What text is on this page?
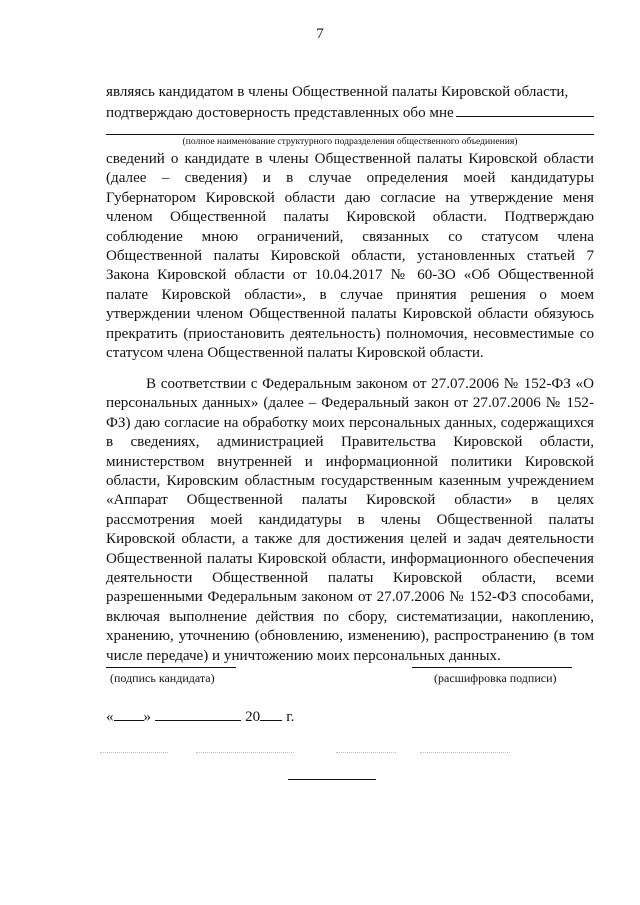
7
являясь кандидатом в члены Общественной палаты Кировской области,
подтверждаю достоверность представленных обо мне
(полное наименование структурного подразделения общественного объединения)
сведений о кандидате в члены Общественной палаты Кировской области (далее – сведения) и в случае определения моей кандидатуры Губернатором Кировской области даю согласие на утверждение меня членом Общественной палаты Кировской области. Подтверждаю соблюдение мною ограничений, связанных со статусом члена Общественной палаты Кировской области, установленных статьей 7 Закона Кировской области от 10.04.2017 № 60-ЗО «Об Общественной палате Кировской области», в случае принятия решения о моем утверждении членом Общественной палаты Кировской области обязуюсь прекратить (приостановить деятельность) полномочия, несовместимые со статусом члена Общественной палаты Кировской области.
В соответствии с Федеральным законом от 27.07.2006 № 152-ФЗ «О персональных данных» (далее – Федеральный закон от 27.07.2006 № 152-ФЗ) даю согласие на обработку моих персональных данных, содержащихся в сведениях, администрацией Правительства Кировской области, министерством внутренней и информационной политики Кировской области, Кировским областным государственным казенным учреждением «Аппарат Общественной палаты Кировской области» в целях рассмотрения моей кандидатуры в члены Общественной палаты Кировской области, а также для достижения целей и задач деятельности Общественной палаты Кировской области, информационного обеспечения деятельности Общественной палаты Кировской области, всеми разрешенными Федеральным законом от 27.07.2006 № 152-ФЗ способами, включая выполнение действия по сбору, систематизации, накоплению, хранению, уточнению (обновлению, изменению), распространению (в том числе передаче) и уничтожению моих персональных данных.
(подпись кандидата)	(расшифровка подписи)
« »	20 г.
